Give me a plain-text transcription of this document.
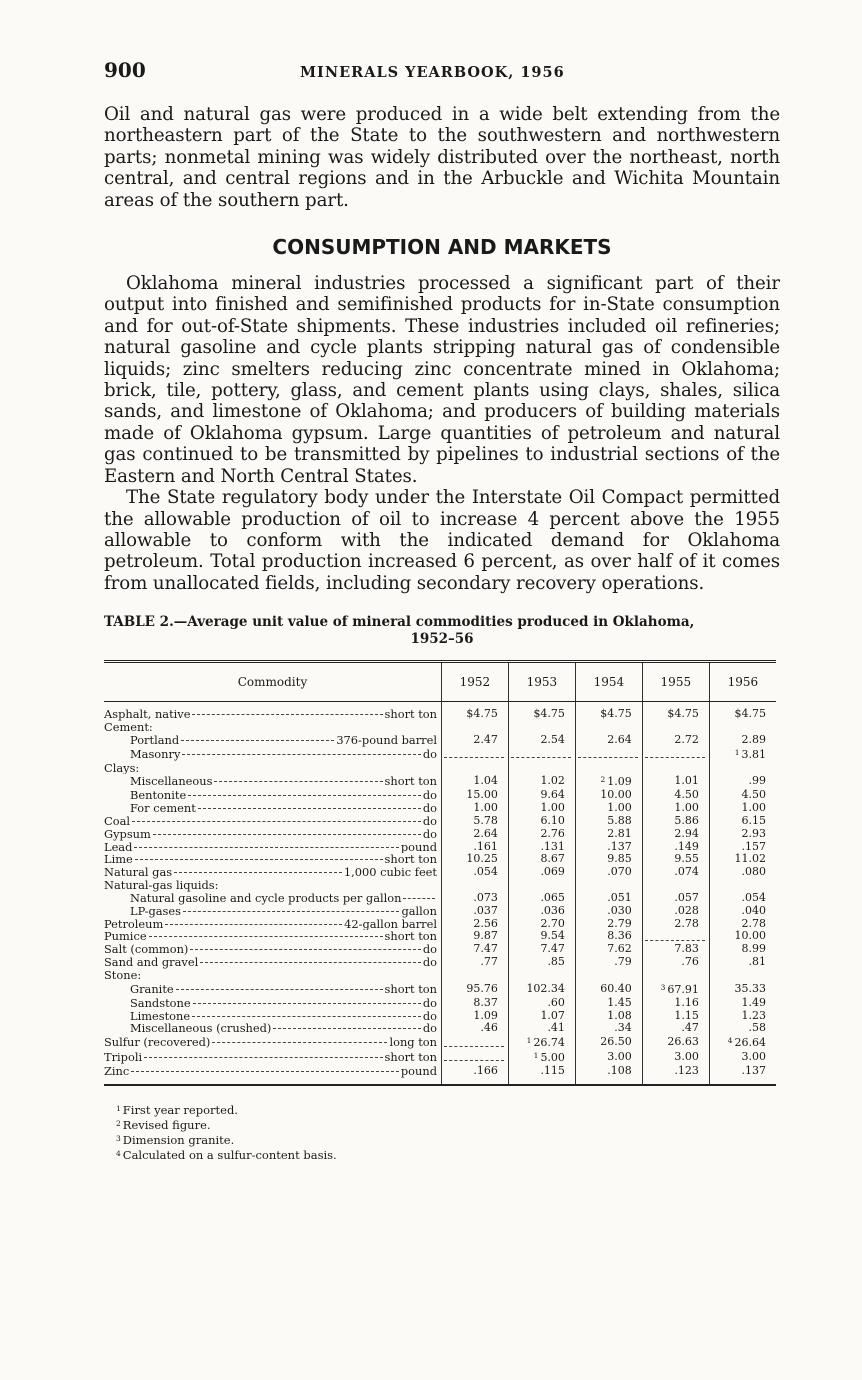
900	MINERALS YEARBOOK, 1956

Oil and natural gas were produced in a wide belt extending from the northeastern part of the State to the southwestern and northwestern parts; nonmetal mining was widely distributed over the northeast, north central, and central regions and in the Arbuckle and Wichita Mountain areas of the southern part.

CONSUMPTION AND MARKETS

Oklahoma mineral industries processed a significant part of their output into finished and semifinished products for in-State consumption and for out-of-State shipments. These industries included oil refineries; natural gasoline and cycle plants stripping natural gas of condensible liquids; zinc smelters reducing zinc concentrate mined in Oklahoma; brick, tile, pottery, glass, and cement plants using clays, shales, silica sands, and limestone of Oklahoma; and producers of building materials made of Oklahoma gypsum. Large quantities of petroleum and natural gas continued to be transmitted by pipelines to industrial sections of the Eastern and North Central States.

The State regulatory body under the Interstate Oil Compact permitted the allowable production of oil to increase 4 percent above the 1955 allowable to conform with the indicated demand for Oklahoma petroleum. Total production increased 6 percent, as over half of it comes from unallocated fields, including secondary recovery operations.

TABLE 2.—Average unit value of mineral commodities produced in Oklahoma,
1952–56
Commodity	1952	1953	1954	1955	1956

Asphalt, native short ton	$4.75	$4.75	$4.75	$4.75	$4.75

Cement:					

Portland 376-pound barrel	2.47	2.54	2.64	2.72	2.89

Masonry do					$^1$ 3.81

Clays:					

Miscellaneous short ton	1.04	1.02	$^2$ 1.09	1.01	.99

Bentonite do	15.00	9.64	10.00	4.50	4.50

For cement do	1.00	1.00	1.00	1.00	1.00

Coal do	5.78	6.10	5.88	5.86	6.15

Gypsum do	2.64	2.76	2.81	2.94	2.93

Lead pound	.161	.131	.137	.149	.157

Lime short ton	10.25	8.67	9.85	9.55	11.02

Natural gas 1,000 cubic feet	.054	.069	.070	.074	.080

Natural-gas liquids:					

Natural gasoline and cycle products per gallon	.073	.065	.051	.057	.054

LP-gases gallon	.037	.036	.030	.028	.040

Petroleum 42-gallon barrel	2.56	2.70	2.79	2.78	2.78

Pumice short ton	9.87	9.54	8.36		10.00

Salt (common) do	7.47	7.47	7.62	7.83	8.99

Sand and gravel do	.77	.85	.79	.76	.81

Stone:					

Granite short ton	95.76	102.34	60.40	$^3$ 67.91	35.33

Sandstone do	8.37	.60	1.45	1.16	1.49

Limestone do	1.09	1.07	1.08	1.15	1.23

Miscellaneous (crushed) do	.46	.41	.34	.47	.58

Sulfur (recovered) long ton		$^1$ 26.74	26.50	26.63	$^4$ 26.64

Tripoli short ton		$^1$ 5.00	3.00	3.00	3.00

Zinc pound	.166	.115	.108	.123	.137

$^1$ First year reported.
$^2$ Revised figure.
$^3$ Dimension granite.
$^4$ Calculated on a sulfur-content basis.
